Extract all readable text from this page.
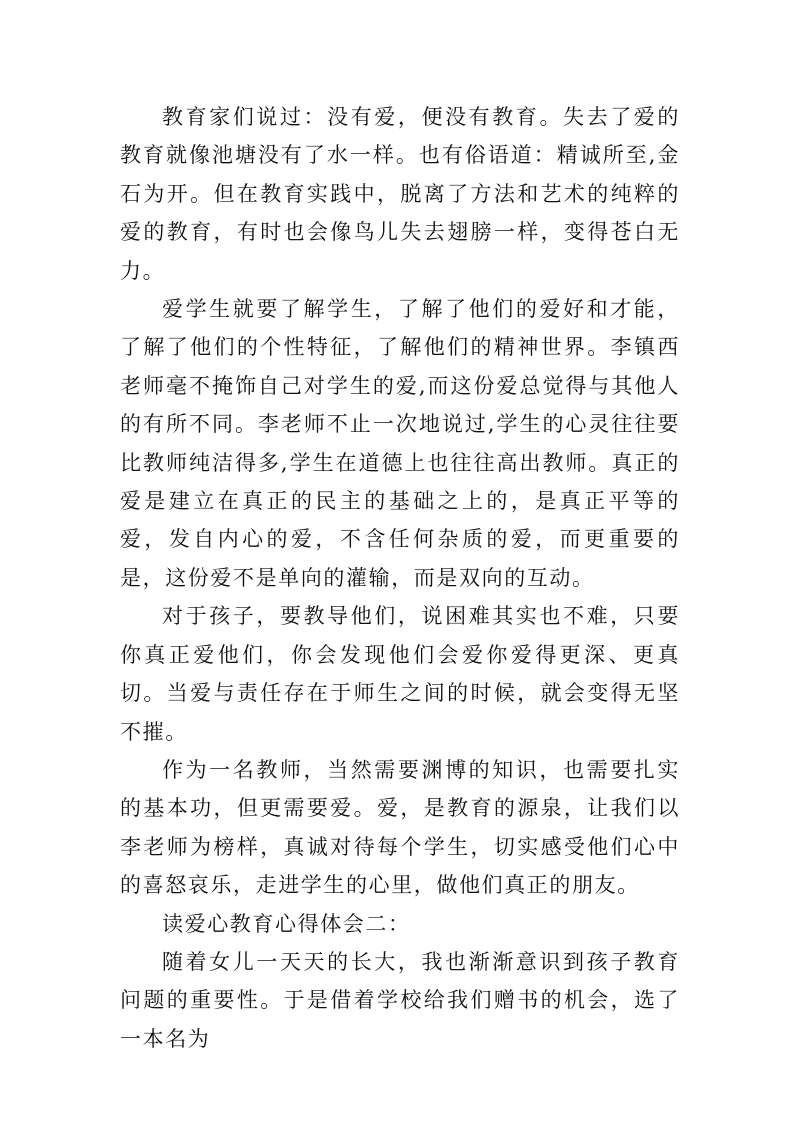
教育家们说过：没有爱，便没有教育。失去了爱的教育就像池塘没有了水一样。也有俗语道：精诚所至,金石为开。但在教育实践中，脱离了方法和艺术的纯粹的爱的教育，有时也会像鸟儿失去翅膀一样，变得苍白无力。

爱学生就要了解学生，了解了他们的爱好和才能，了解了他们的个性特征，了解他们的精神世界。李镇西老师毫不掩饰自己对学生的爱,而这份爱总觉得与其他人的有所不同。李老师不止一次地说过,学生的心灵往往要比教师纯洁得多,学生在道德上也往往高出教师。真正的爱是建立在真正的民主的基础之上的，是真正平等的爱，发自内心的爱，不含任何杂质的爱，而更重要的是，这份爱不是单向的灌输，而是双向的互动。

对于孩子，要教导他们，说困难其实也不难，只要你真正爱他们，你会发现他们会爱你爱得更深、更真切。当爱与责任存在于师生之间的时候，就会变得无坚不摧。

作为一名教师，当然需要渊博的知识，也需要扎实的基本功，但更需要爱。爱，是教育的源泉，让我们以李老师为榜样，真诚对待每个学生，切实感受他们心中的喜怒哀乐，走进学生的心里，做他们真正的朋友。

读爱心教育心得体会二：

随着女儿一天天的长大，我也渐渐意识到孩子教育问题的重要性。于是借着学校给我们赠书的机会，选了一本名为
